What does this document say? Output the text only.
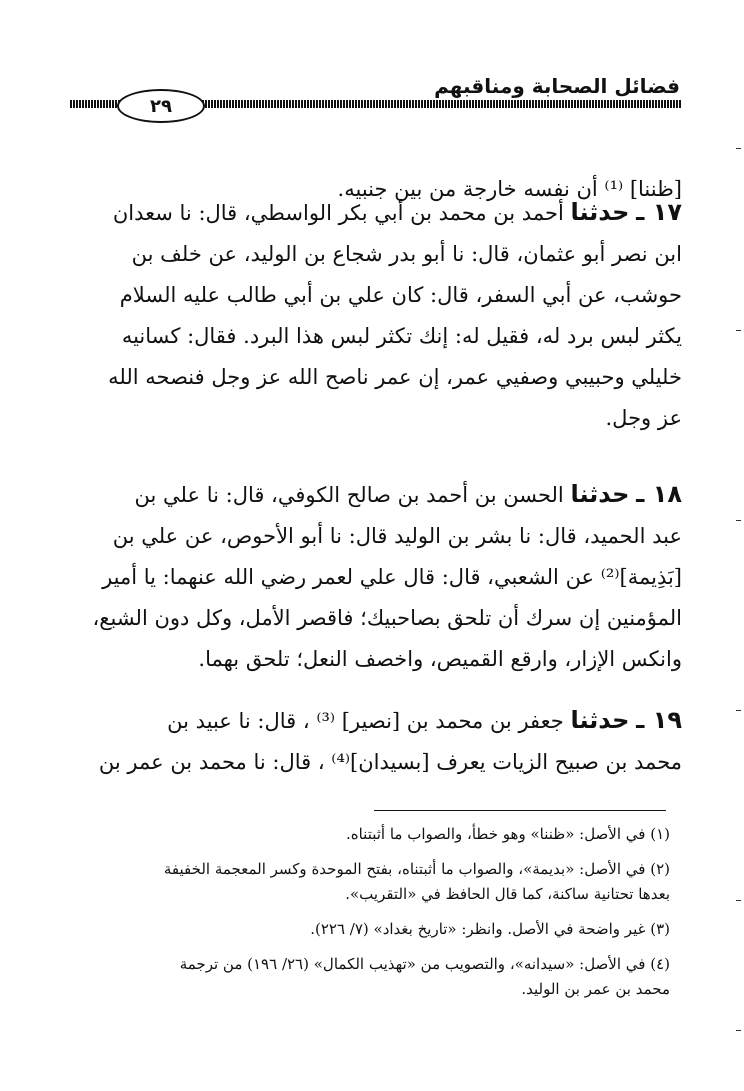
فضائل الصحابة ومناقبهم
٢٩

[ظننا] ⁽¹⁾ أن نفسه خارجة من بين جنبيه.

١٧ ـ حدثنا أحمد بن محمد بن أبي بكر الواسطي، قال: نا سعدان
ابن نصر أبو عثمان، قال: نا أبو بدر شجاع بن الوليد، عن خلف بن
حوشب، عن أبي السفر، قال: كان علي بن أبي طالب عليه السلام
يكثر لبس برد له، فقيل له: إنك تكثر لبس هذا البرد. فقال: كسانيه
خليلي وحبيبي وصفيي عمر، إن عمر ناصح الله عز وجل فنصحه الله
عز وجل.
١٨ ـ حدثنا الحسن بن أحمد بن صالح الكوفي، قال: نا علي بن
عبد الحميد، قال: نا بشر بن الوليد قال: نا أبو الأحوص، عن علي بن
[بَذِيمة]⁽²⁾ عن الشعبي، قال: قال علي لعمر رضي الله عنهما: يا أمير
المؤمنين إن سرك أن تلحق بصاحبيك؛ فاقصر الأمل، وكل دون الشبع،
وانكس الإزار، وارقع القميص، واخصف النعل؛ تلحق بهما.
١٩ ـ حدثنا جعفر بن محمد بن [نصير] ⁽³⁾ ، قال: نا عبيد بن
محمد بن صبيح الزيات يعرف [بسيدان]⁽⁴⁾ ، قال: نا محمد بن عمر بن

(١) في الأصل: «ظننا» وهو خطأ، والصواب ما أثبتناه.

(٢) في الأصل: «بديمة»، والصواب ما أثبتناه، بفتح الموحدة وكسر المعجمة الخفيفة
بعدها تحتانية ساكنة، كما قال الحافظ في «التقريب».

(٣) غير واضحة في الأصل. وانظر: «تاريخ بغداد» (٧/ ٢٢٦).

(٤) في الأصل: «سيدانه»، والتصويب من «تهذيب الكمال» (٢٦/ ١٩٦) من ترجمة
محمد بن عمر بن الوليد.
